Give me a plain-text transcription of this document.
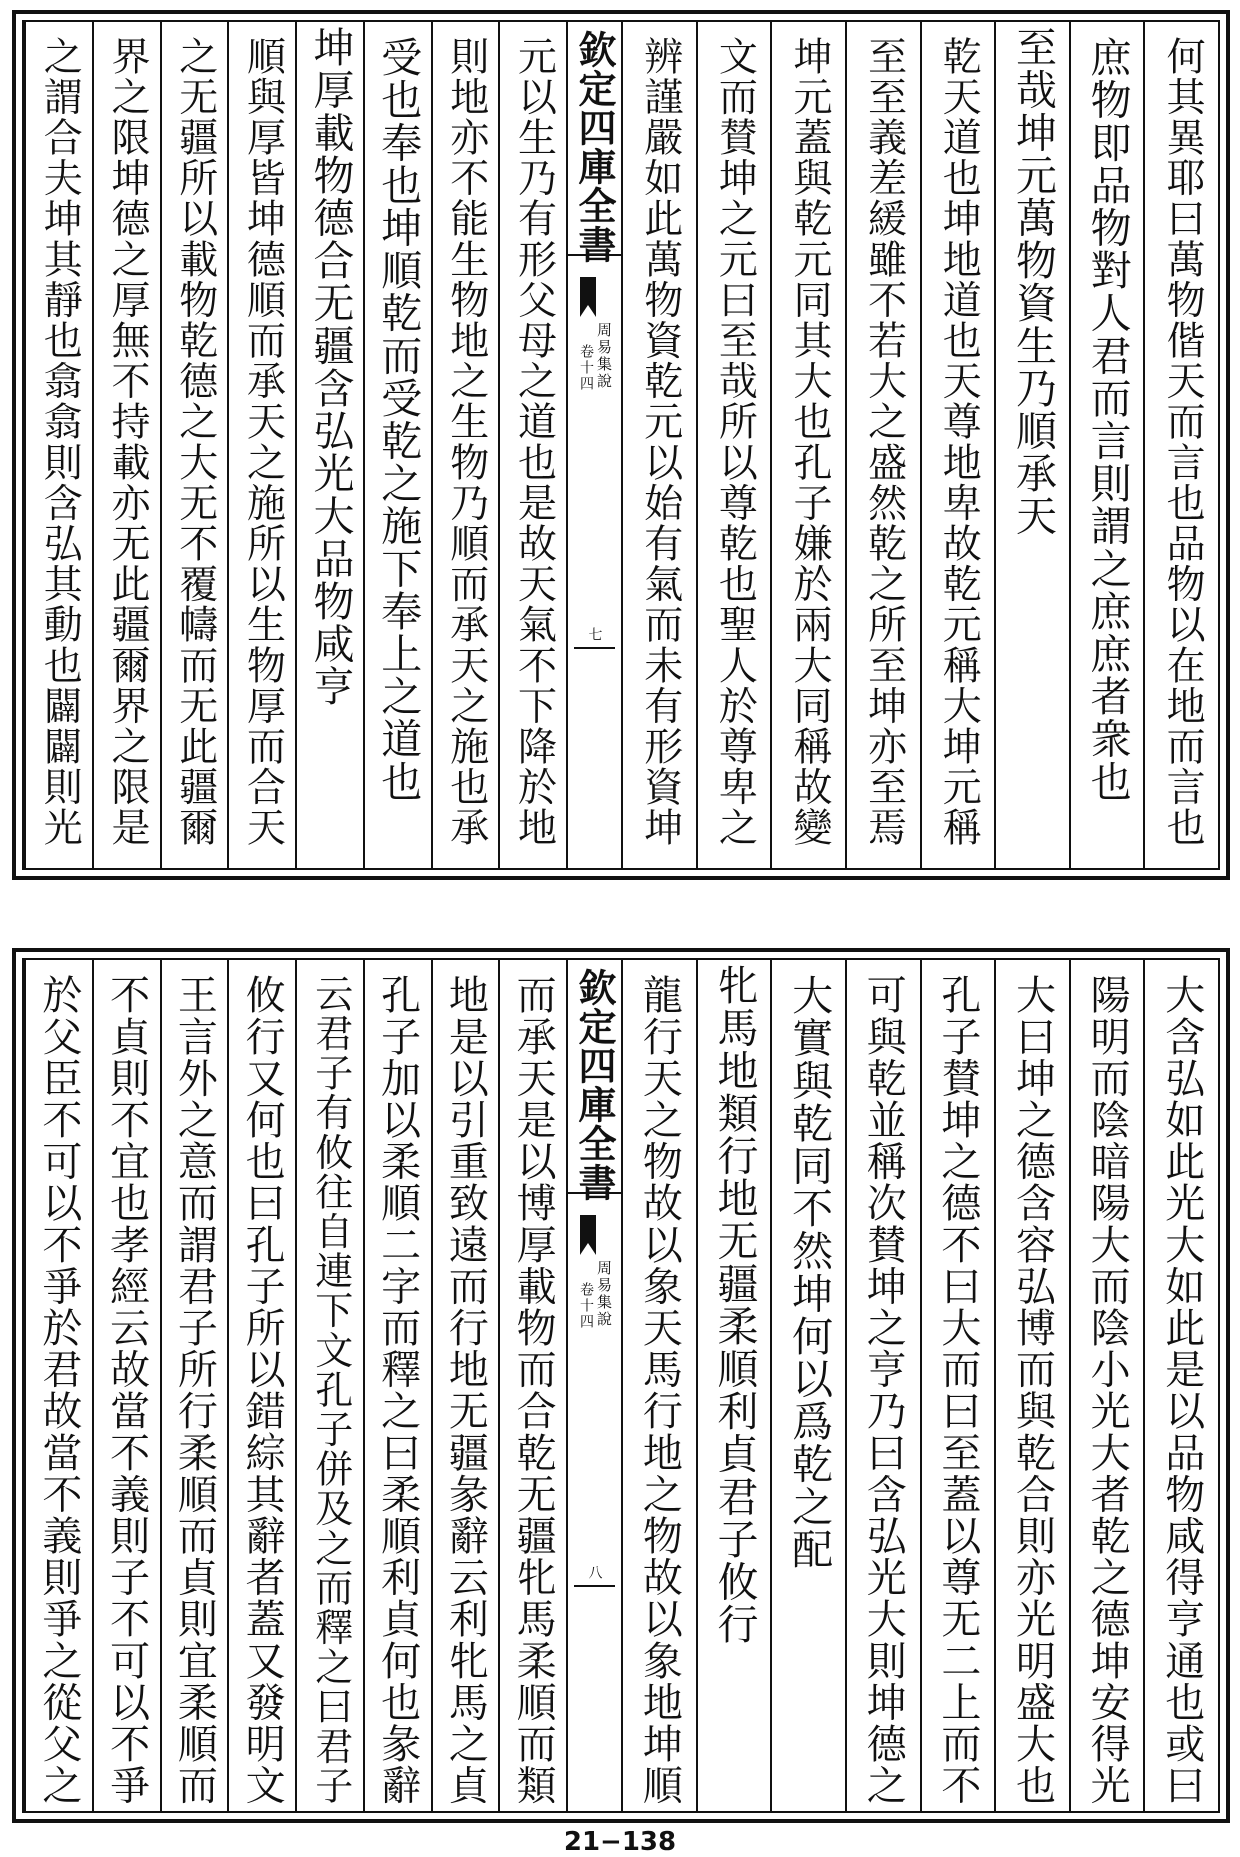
何其異耶曰萬物偕天而言也品物以在地而言也
庶物即品物對人君而言則謂之庶庶者衆也
至哉坤元萬物資生乃順承天
乾天道也坤地道也天尊地卑故乾元稱大坤元稱
至至義差緩雖不若大之盛然乾之所至坤亦至焉
坤元蓋與乾元同其大也孔子嫌於兩大同稱故變
文而賛坤之元曰至哉所以尊乾也聖人於尊卑之
辨謹嚴如此萬物資乾元以始有氣而未有形資坤
欽定四庫全書
周易集說
卷十四
七
元以生乃有形父母之道也是故天氣不下降於地
則地亦不能生物地之生物乃順而承天之施也承
受也奉也坤順乾而受乾之施下奉上之道也
坤厚載物德合无疆含弘光大品物咸亨
順與厚皆坤德順而承天之施所以生物厚而合天
之无疆所以載物乾德之大无不覆幬而无此疆爾
界之限坤德之厚無不持載亦无此疆爾界之限是
之謂合夫坤其靜也翕翕則含弘其動也闢闢則光
大含弘如此光大如此是以品物咸得亨通也或曰
陽明而陰暗陽大而陰小光大者乾之德坤安得光
大曰坤之德含容弘博而與乾合則亦光明盛大也
孔子賛坤之德不曰大而曰至蓋以尊无二上而不
可與乾並稱次賛坤之亨乃曰含弘光大則坤德之
大實與乾同不然坤何以爲乾之配
牝馬地類行地无疆柔順利貞君子攸行
龍行天之物故以象天馬行地之物故以象地坤順
欽定四庫全書
周易集說
卷十四
八
而承天是以博厚載物而合乾无疆牝馬柔順而類
地是以引重致遠而行地无疆彖辭云利牝馬之貞
孔子加以柔順二字而釋之曰柔順利貞何也彖辭
云君子有攸往自連下文孔子併及之而釋之曰君子
攸行又何也曰孔子所以錯綜其辭者蓋又發明文
王言外之意而謂君子所行柔順而貞則宜柔順而
不貞則不宜也孝經云故當不義則子不可以不爭
於父臣不可以不爭於君故當不義則爭之從父之
21−138
